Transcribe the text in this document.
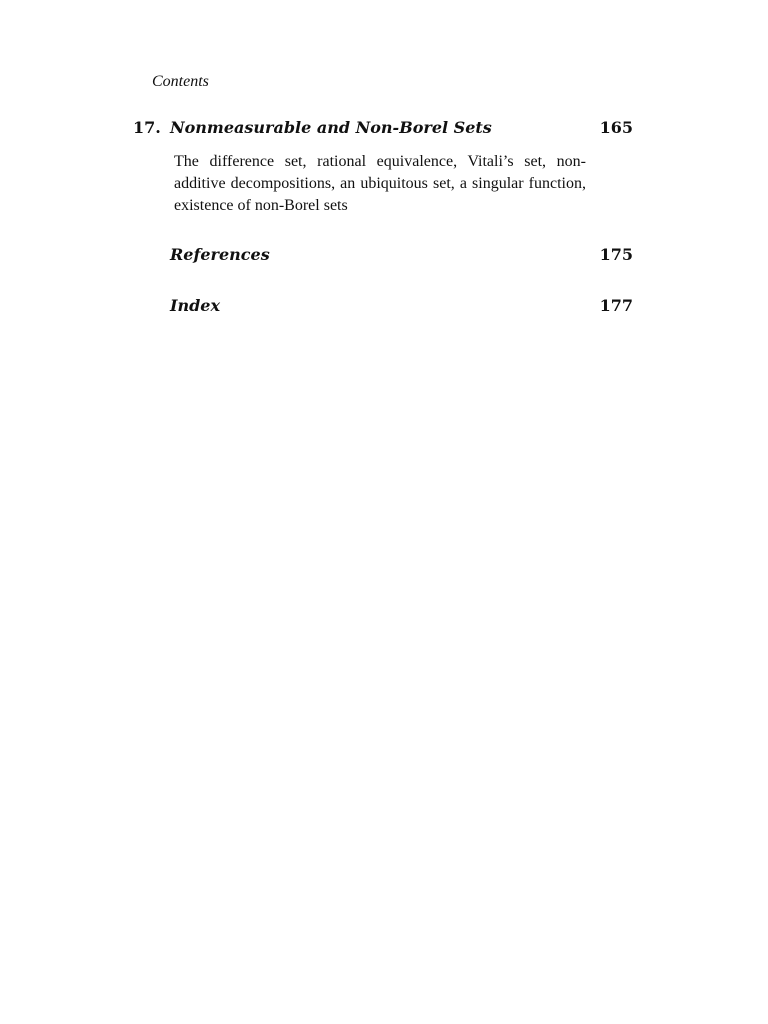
Contents
17. Nonmeasurable and Non-Borel Sets	165
The difference set, rational equivalence, Vitali’s set, non-additive decompositions, an ubiquitous set, a singular function, existence of non-Borel sets
References	175
Index	177
